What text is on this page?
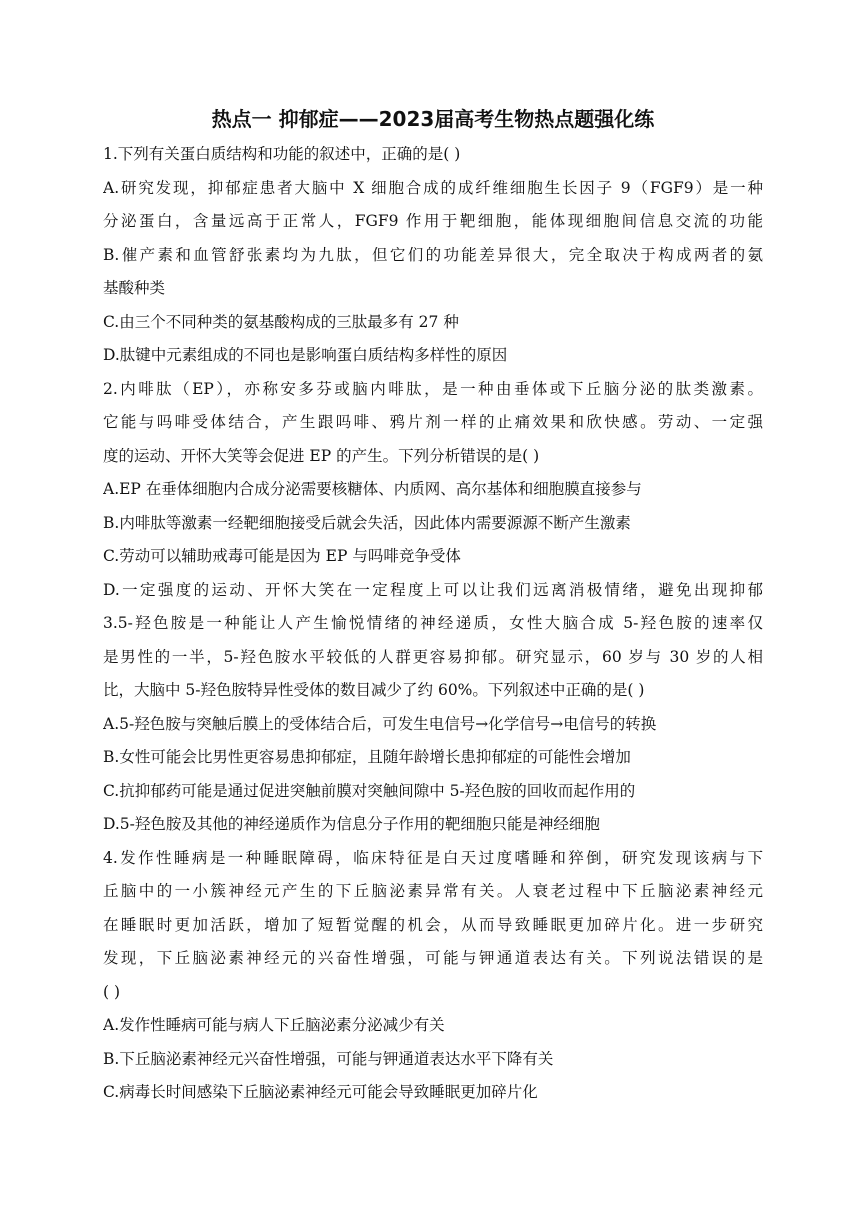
热点一 抑郁症——2023届高考生物热点题强化练
1.下列有关蛋白质结构和功能的叙述中，正确的是( )
A.研究发现，抑郁症患者大脑中 X 细胞合成的成纤维细胞生长因子 9（FGF9）是一种
分泌蛋白，含量远高于正常人，FGF9 作用于靶细胞，能体现细胞间信息交流的功能
B.催产素和血管舒张素均为九肽，但它们的功能差异很大，完全取决于构成两者的氨
基酸种类
C.由三个不同种类的氨基酸构成的三肽最多有 27 种
D.肽键中元素组成的不同也是影响蛋白质结构多样性的原因
2.内啡肽（EP），亦称安多芬或脑内啡肽，是一种由垂体或下丘脑分泌的肽类激素。
它能与吗啡受体结合，产生跟吗啡、鸦片剂一样的止痛效果和欣快感。劳动、一定强
度的运动、开怀大笑等会促进 EP 的产生。下列分析错误的是( )
A.EP 在垂体细胞内合成分泌需要核糖体、内质网、高尔基体和细胞膜直接参与
B.内啡肽等激素一经靶细胞接受后就会失活，因此体内需要源源不断产生激素
C.劳动可以辅助戒毒可能是因为 EP 与吗啡竞争受体
D.一定强度的运动、开怀大笑在一定程度上可以让我们远离消极情绪，避免出现抑郁
3.5-羟色胺是一种能让人产生愉悦情绪的神经递质，女性大脑合成 5-羟色胺的速率仅
是男性的一半，5-羟色胺水平较低的人群更容易抑郁。研究显示，60 岁与 30 岁的人相
比，大脑中 5-羟色胺特异性受体的数目减少了约 60%。下列叙述中正确的是( )
A.5-羟色胺与突触后膜上的受体结合后，可发生电信号→化学信号→电信号的转换
B.女性可能会比男性更容易患抑郁症，且随年龄增长患抑郁症的可能性会增加
C.抗抑郁药可能是通过促进突触前膜对突触间隙中 5-羟色胺的回收而起作用的
D.5-羟色胺及其他的神经递质作为信息分子作用的靶细胞只能是神经细胞
4.发作性睡病是一种睡眠障碍，临床特征是白天过度嗜睡和猝倒，研究发现该病与下
丘脑中的一小簇神经元产生的下丘脑泌素异常有关。人衰老过程中下丘脑泌素神经元
在睡眠时更加活跃，增加了短暂觉醒的机会，从而导致睡眠更加碎片化。进一步研究
发现，下丘脑泌素神经元的兴奋性增强，可能与钾通道表达有关。下列说法错误的是
( )
A.发作性睡病可能与病人下丘脑泌素分泌减少有关
B.下丘脑泌素神经元兴奋性增强，可能与钾通道表达水平下降有关
C.病毒长时间感染下丘脑泌素神经元可能会导致睡眠更加碎片化
